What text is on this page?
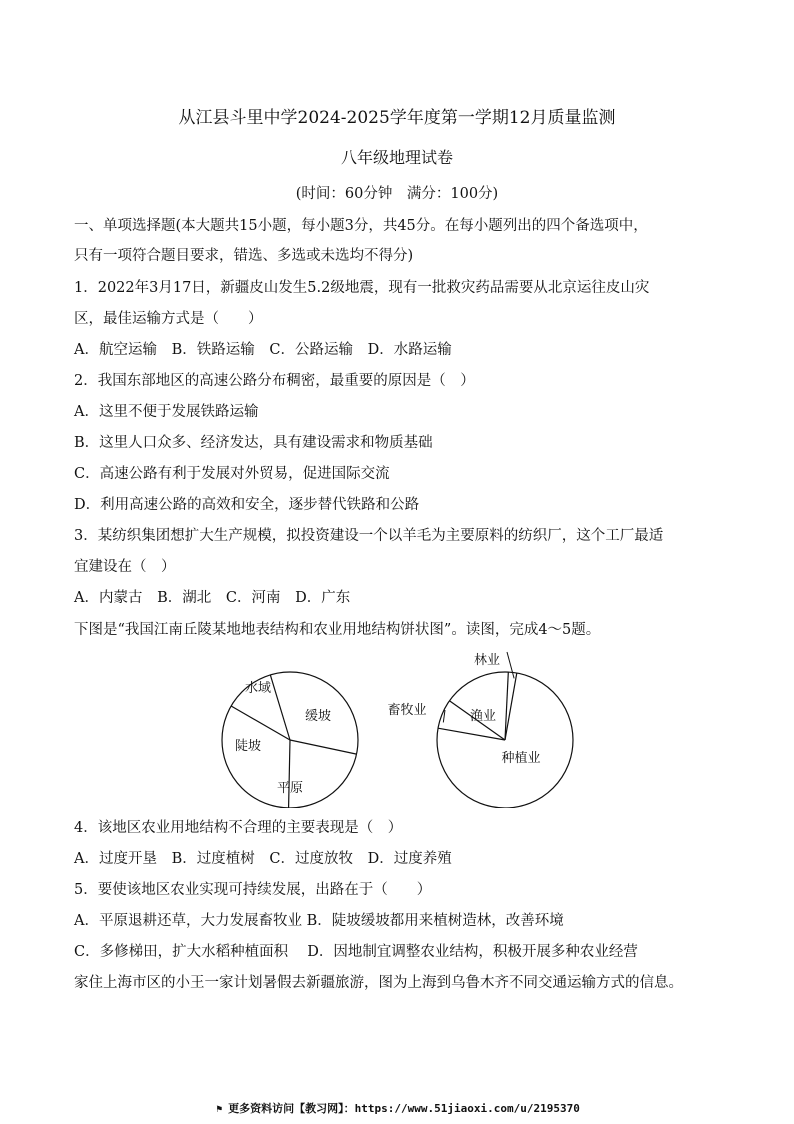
从江县斗里中学2024-2025学年度第一学期12月质量监测
八年级地理试卷
(时间：60分钟　满分：100分)
一、单项选择题(本大题共15小题，每小题3分，共45分。在每小题列出的四个备选项中，
只有一项符合题目要求，错选、多选或未选均不得分)
1．2022年3月17日，新疆皮山发生5.2级地震，现有一批救灾药品需要从北京运往皮山灾
区，最佳运输方式是（　　）
A．航空运输 B．铁路运输 C．公路运输 D．水路运输
2．我国东部地区的高速公路分布稠密，最重要的原因是（　）
A．这里不便于发展铁路运输
B．这里人口众多、经济发达，具有建设需求和物质基础
C．高速公路有利于发展对外贸易，促进国际交流
D．利用高速公路的高效和安全，逐步替代铁路和公路
3．某纺织集团想扩大生产规模，拟投资建设一个以羊毛为主要原料的纺织厂，这个工厂最适
宜建设在（　）
A．内蒙古 B．湖北 C．河南 D．广东
下图是“我国江南丘陵某地地表结构和农业用地结构饼状图”。读图，完成4～5题。
水域
缓坡
平原
陡坡
种植业
畜牧业	渔业
林业
4．该地区农业用地结构不合理的主要表现是（　）
A．过度开垦 B．过度植树 C．过度放牧 D．过度养殖
5．要使该地区农业实现可持续发展，出路在于（　　）
A．平原退耕还草，大力发展畜牧业 B．陡坡缓坡都用来植树造林，改善环境
C．多修梯田，扩大水稻种植面积　 D．因地制宜调整农业结构，积极开展多种农业经营
家住上海市区的小王一家计划暑假去新疆旅游，图为上海到乌鲁木齐不同交通运输方式的信息。
⚑ 更多资料访问【教习网】：https://www.51jiaoxi.com/u/2195370
